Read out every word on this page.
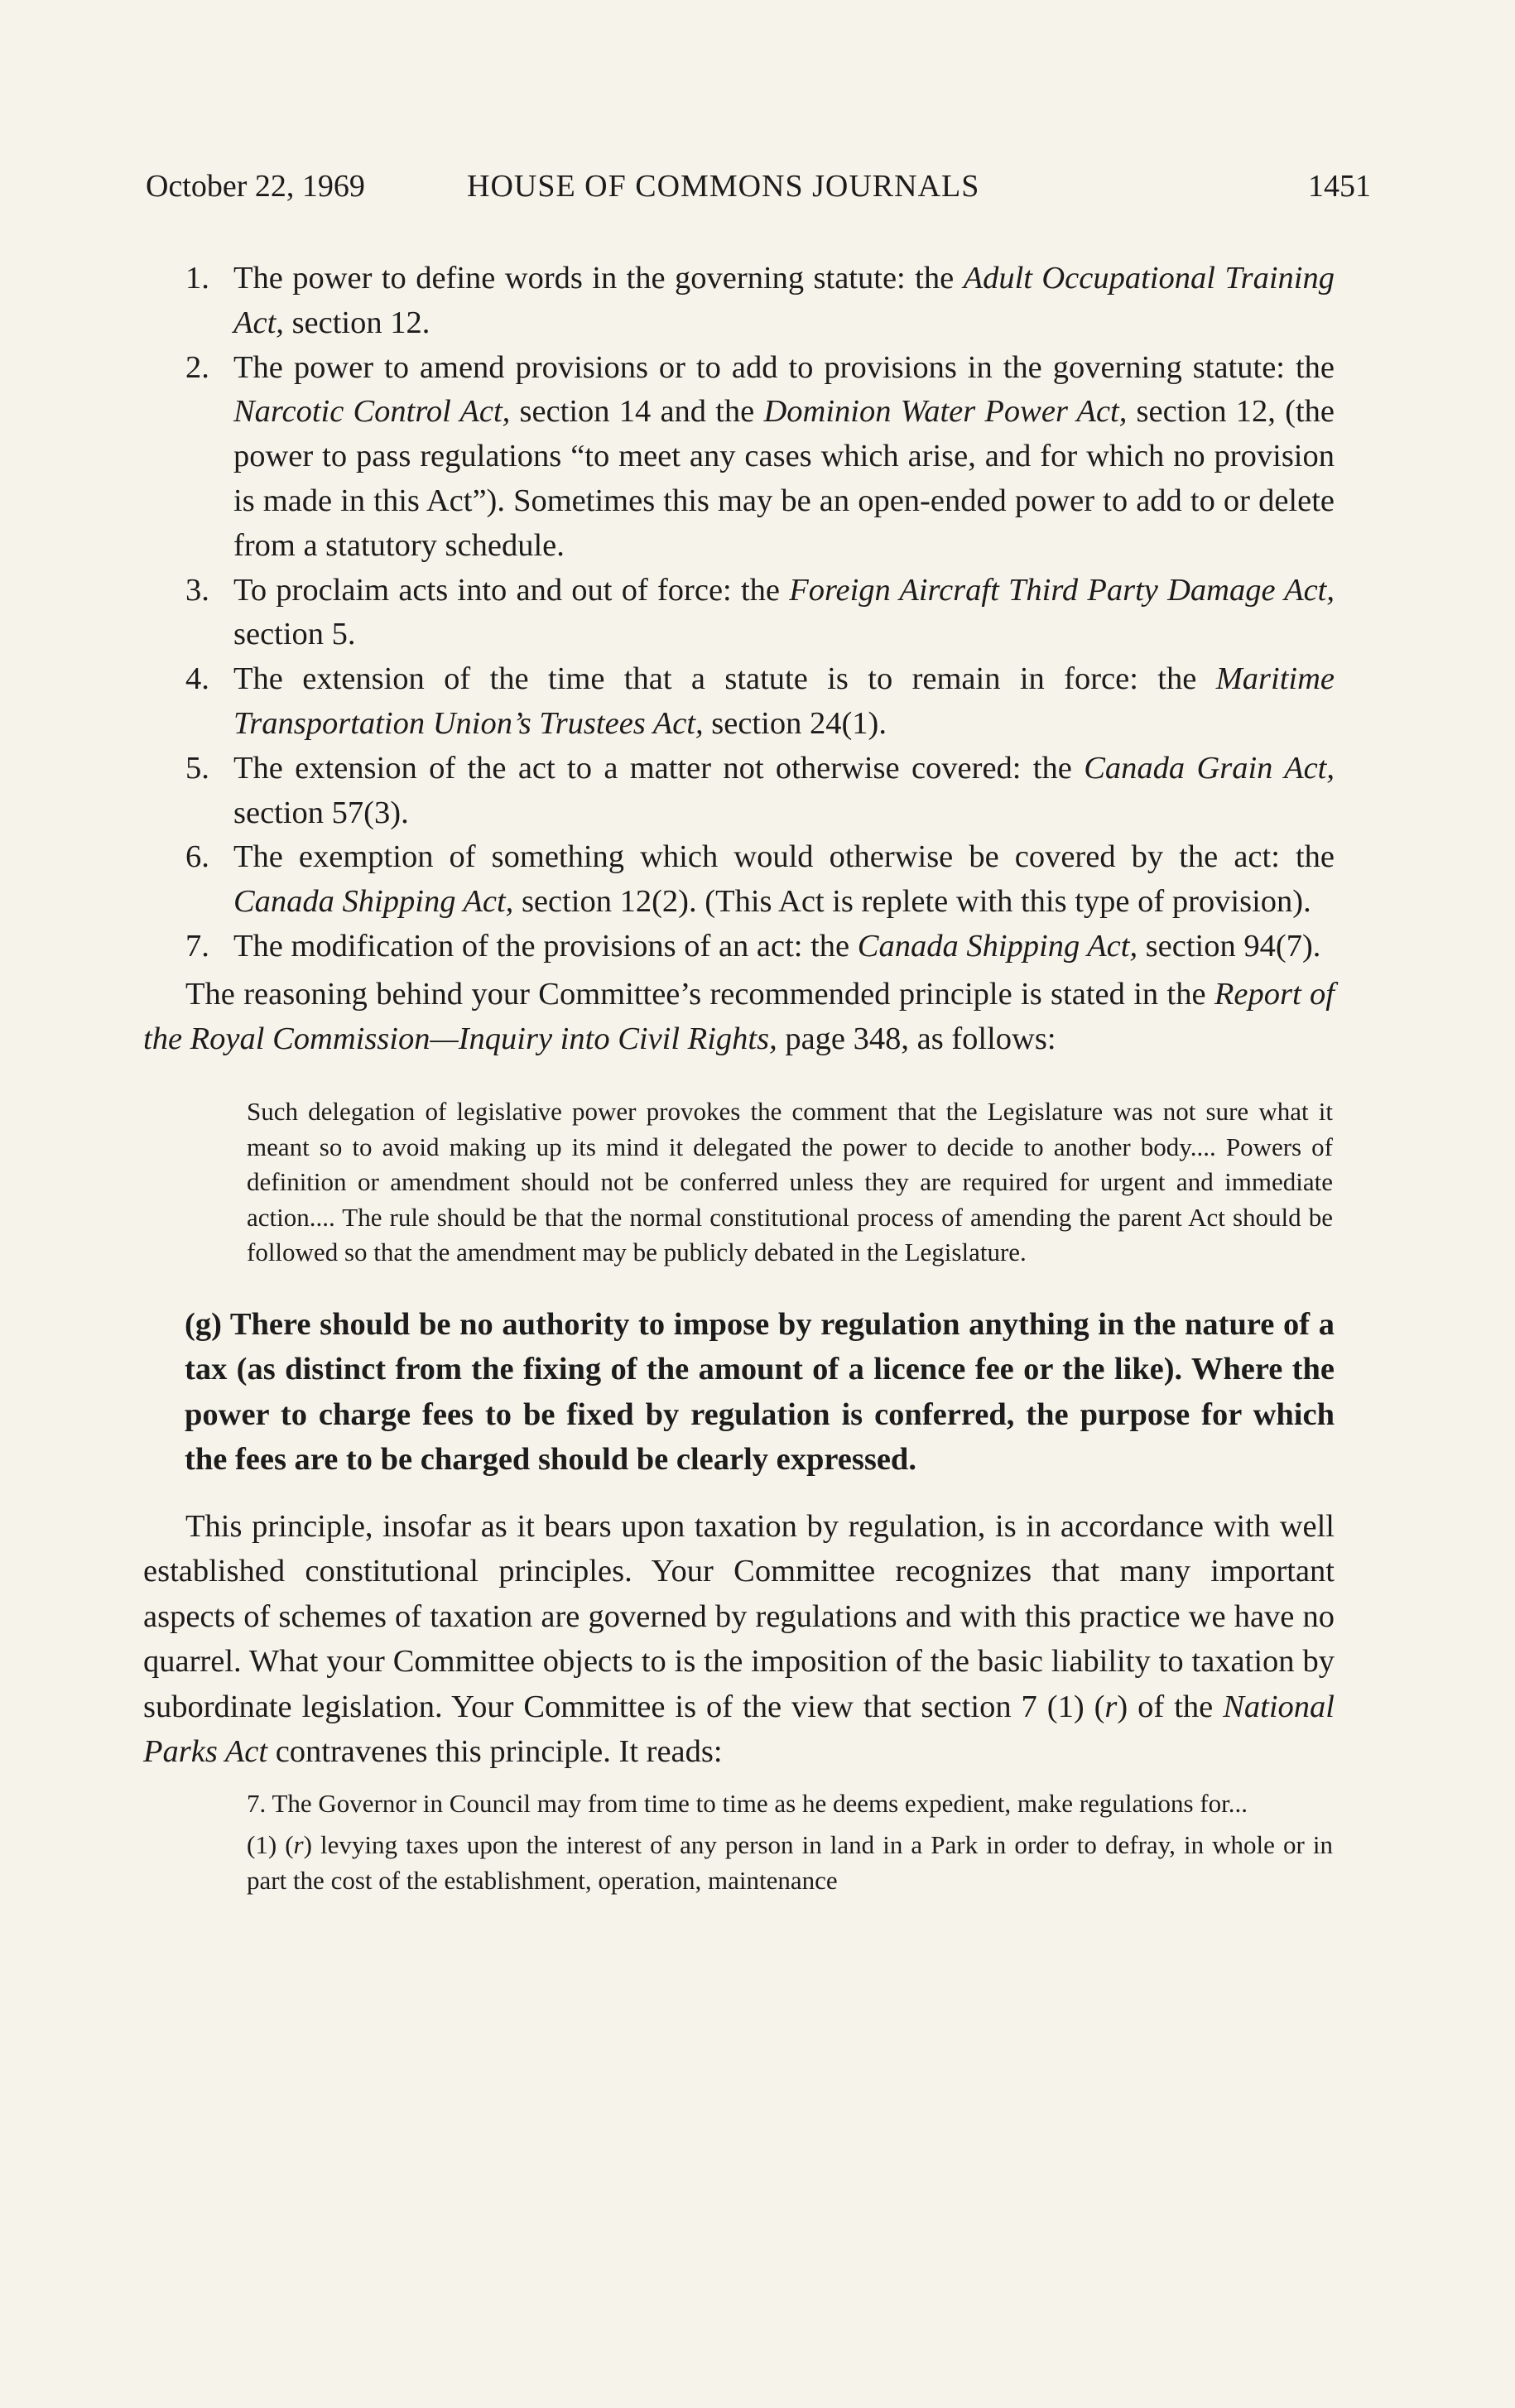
October 22, 1969	HOUSE OF COMMONS JOURNALS	1451
1. The power to define words in the governing statute: the Adult Occupational Training Act, section 12.
2. The power to amend provisions or to add to provisions in the governing statute: the Narcotic Control Act, section 14 and the Dominion Water Power Act, section 12, (the power to pass regulations “to meet any cases which arise, and for which no provision is made in this Act”). Sometimes this may be an open-ended power to add to or delete from a statutory schedule.
3. To proclaim acts into and out of force: the Foreign Aircraft Third Party Damage Act, section 5.
4. The extension of the time that a statute is to remain in force: the Maritime Transportation Union’s Trustees Act, section 24(1).
5. The extension of the act to a matter not otherwise covered: the Canada Grain Act, section 57(3).
6. The exemption of something which would otherwise be covered by the act: the Canada Shipping Act, section 12(2). (This Act is replete with this type of provision).
7. The modification of the provisions of an act: the Canada Shipping Act, section 94(7).

The reasoning behind your Committee’s recommended principle is stated in the Report of the Royal Commission—Inquiry into Civil Rights, page 348, as follows:

Such delegation of legislative power provokes the comment that the Legislature was not sure what it meant so to avoid making up its mind it delegated the power to decide to another body.... Powers of definition or amendment should not be conferred unless they are required for urgent and immediate action.... The rule should be that the normal constitutional process of amending the parent Act should be followed so that the amendment may be publicly debated in the Legislature.

(g) There should be no authority to impose by regulation anything in the nature of a tax (as distinct from the fixing of the amount of a licence fee or the like). Where the power to charge fees to be fixed by regulation is conferred, the purpose for which the fees are to be charged should be clearly expressed.

This principle, insofar as it bears upon taxation by regulation, is in accordance with well established constitutional principles. Your Committee recognizes that many important aspects of schemes of taxation are governed by regulations and with this practice we have no quarrel. What your Committee objects to is the imposition of the basic liability to taxation by subordinate legislation. Your Committee is of the view that section 7 (1) (r) of the National Parks Act contravenes this principle. It reads:

7. The Governor in Council may from time to time as he deems expedient, make regulations for...

(1) (r) levying taxes upon the interest of any person in land in a Park in order to defray, in whole or in part the cost of the establishment, operation, maintenance
